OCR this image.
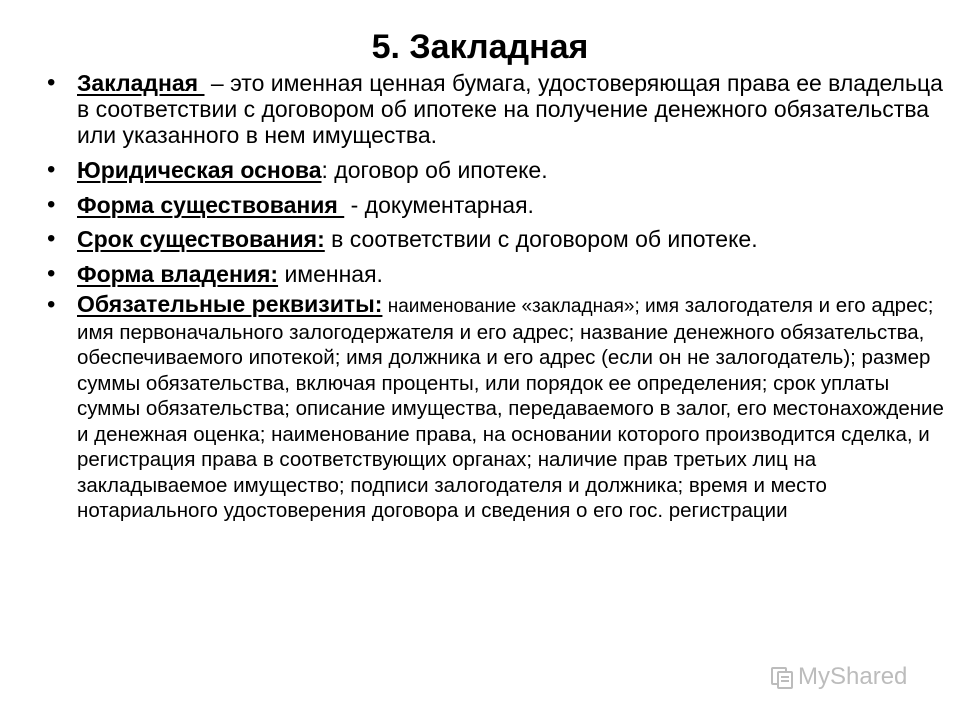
5. Закладная
• Закладная  – это именная ценная бумага, удостоверяющая права ее владельца в соответствии с договором об ипотеке на получение денежного обязательства или указанного в нем имущества.
• Юридическая основа: договор об ипотеке.
• Форма существования  - документарная.
• Срок существования: в соответствии с договором об ипотеке.
• Форма владения: именная.
• Обязательные реквизиты: наименование «закладная»; имя залогодателя и его адрес; имя первоначального залогодержателя и его адрес; название денежного обязательства, обеспечиваемого ипотекой; имя должника и его адрес (если он не залогодатель); размер суммы обязательства, включая проценты, или порядок ее определения; срок уплаты суммы обязательства; описание имущества, передаваемого в залог, его местонахождение и денежная оценка; наименование права, на основании которого производится сделка, и регистрация права в соответствующих органах; наличие прав третьих лиц на закладываемое имущество; подписи залогодателя и должника; время и место нотариального удостоверения договора и сведения о его гос. регистрации
MyShared
